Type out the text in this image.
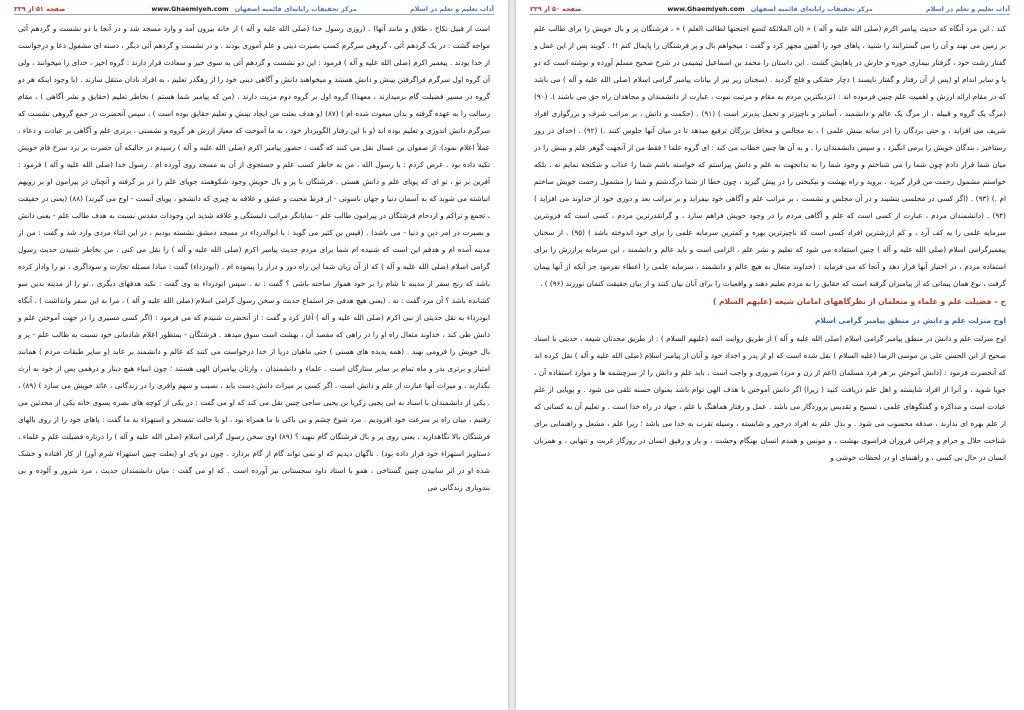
آداب تعليم و تعلم در اسلام
مرکز تحقیقات رایانه‌ای قائمیه اصفهان www.Ghaemiyeh.com
صفحه ۵۰ از ۲۲۹

کند . این مرد آنگاه که حدیث پیامبر اکرم (صلى الله عليه و آله ) « (ان الملائكة لتضع اجنحتها لطالب العلم ) » ، فرشتگان پر و بال خویش را برای طالب علم بر زمین می نهند و آن را می گسترانند را شنید ، پاهای خود را آهنین مجهز کرد و گفت : میخواهم بال و پر فرشتگان را پایمال کنم !! . گویند پس از این عمل و گفتار زشت خود ، گرفتار بیماری خوره و خارش در پاهایش گشت . این داستان را محمد بن اسماعیل تیمیمی در شرح صحیح مسلم آورده و نوشته است که دو پا و سایر اندام او (پس از آن رفتار و گفتار ناپسند ) دچار خشکی و فلج گردید . (سخنان زیر نیز از بیانات پیامبر گرامی اسلام (صلى الله عليه و آله ) می باشد که در مقام ارائه ارزش و اهمیت علم چنین فرموده اند : (نزدیکترین مردم به مقام و مرتبت نبوت ، عبارت از دانشمندان و مجاهدان راه حق می باشند ). (۹۰) (مرگ یک گروه و قبیله ، از مرگ یک عالم و دانشمند ، آسانتر و ناچیزتر و تحمل پذیرتر است ) (۹۱) . (حکمت و دانش ، بر مراتب شرف و بزرگواری افراد شریف می افزاید ، و حتی بردگان را (در سایه بینش علمی ) ، به مجالس و محافل بزرگان ترفیع میدهد تا در میان آنها جلوس کنند .) (۹۲) . (خدای در روز رستاخیز ، بندگان خویش را برمی انگیزد ، و سپس دانشمندان را . و به آن ها چنین خطاب می کند : ای گروه علما ! فقط من از آنجهت گوهر علم و بینش را در میان شما قرار دادم چون شما را می شناختم و وجود شما را به بدانجهت به علم و دانش پیراستم که خواسته باشم شما را عذاب و شکنجه نمایم نه ، بلکه خواستم مشمول رحمت من قرار گیرید . بروید و راه بهشت و نیکبختی را در پیش گیرید ، چون خطا از شما درگذشتم و شما را مشمول رحمت خویش ساختم ام .) (۹۳) . (اگر کسی در مجلسی بنشیند و در آن مجلس و نشست ، بر مراتب علم و آگاهی خود بیفزاید و بر مراتب بعد و دوری خود از خداوند می افزاید ) (۹۴) . (دانشمندان مردم ، عبارت از کسی است که علم و آگاهی مردم را در وجود خویش فراهم سازد ، و گرانقدرترین مردم ، کسی است که فزونترین سرمایه علمی را به کف آرد ، و کم ارزشترین افراد کسی است که ناچیزترین بهره و کمترین سرمایه علمی را برای خود اندوخته باشد ) (۹۵) . از سخنان پیغمبرگرامی اسلام (صلى الله عليه و آله ) چنین استفاده می شود که تعلیم و نشر علم ، الزامی است و باید عالم و دانشمند ، این سرمایه پرارزش را برای استفاده مردم ، در اختیار آنها قرار دهد و آنجا که می فرماید : (خداوند متعال به هیچ عالم و دانشمند ، سرمایه علمی را اعطاء نفرمود جز آنکه از آنها پیمان گرفت ، نوع همان پیمانی که از پیامبران گرفته است که حقایق را به مردم تعلیم دهند و واقعیات را برای آنان بیان کنند و از بیان حقیقت کتمان نورزند (۹۶) ) .

ج – فضیلت علم و علماء و متعلمان از نظرگاههای امامان شیعه (علیهم السلام )

اوج منزلت علم و دانش در منطق پیامبر گرامی اسلام

اوج منزلت علم و دانش در منطق پیامبر گرامی اسلام (صلى الله عليه و آله ) از طریق روایت ائمه (علیهم السلام ) : از طریق محدثان شیعه ، حدیثی با اسناد صحیح از ابن الحسن علی بن موسی الرضا (علیه السلام ) نقل شده است که او از پدر و اجداد خود و آنان از پیامبر اسلام (صلى الله عليه و آله ) نقل کرده اند که آنحضرت فرمود : (دانش آموختن بر هر فرد مسلمان (اعم از زن و مرد) ضروری و واجب است . باید علم و دانش را از سرچشمه ها و موارد استفاده آن ، جویا شوید ، و آنرا از افراد شایسته و اهل علم دریافت کنید ( زیرا) اگر دانش آموختن با هدف الهی توام باشد بعنوان حسنه تلقی می شود . و پویایی از علم عبادت است و مذاکره و گفتگوهای علمی ، تسبیح و تقدیس پروردگار می باشد . عمل و رفتار هماهنگ با علم ، جهاد در راه خدا است . و تعلیم آن به کسانی که از علم بهره ای ندارند ، صدقه محسوب می شود . و بذل علم به افراد درخور و شایسته ، وسیله تقرب به خدا می باشد ؛ زیرا علم ، مشعل و راهنمایی برای شناخت حلال و حرام و چراغی فروزان فراسوی بهشت ، و مونس و همدم انسان بهنگام وحشت ، و یار و رفیق انسان در روزگار غربت و تنهایی ، و همزبان انسان در حال بی کسی ، و راهنمای او در لحظات خوشی و

آداب تعليم و تعلم در اسلام
مرکز تحقیقات رایانه‌ای قائمیه اصفهان www.Ghaemiyeh.com
صفحه ۵۱ از ۲۲۹

است از قبیل نکاح ، طلاق و مانند آنها) . (روزی رسول خدا (صلى الله عليه و آله ) از خانه بیرون آمد و وارد مسجد شد و در آنجا با دو نشست و گردهم آئی مواجه گشت : در یک گردهم آئی ، گروهی سرگرم کسب بصیرت دینی و علم آموزی بودند . و در نشست و گردهم آئی دیگر ، دسته ای مشغول دعا و درخواست از خدا بودند . پیغمبر اکرم (صلى الله عليه و آله ) فرمود : این دو نشست و گردهم آئی به سوی خیر و سعادت قرار دارند : گروه اخیر ، خدای را میخوانند ، ولی آن گروه اول سرگرم فراگرفتن بینش و دانش هستند و میخواهند دانش و آگاهی دینی خود را از رهگذر تعلیم ، به افراد نادان منتقل سازند . (با وجود اینکه هر دو گروه در مسیر فضیلت گام برمیدارند ، معهذا) گروه اول بر گروه دوم مزیت دارند . (من که پیامبر شما هستم ) بخاطر تعلیم (حقایق و نشر آگاهی ) ، مقام رسالت را به عهده گرفته و بدان مبعوث شده ام ) (۸۷) (و هدف بعثت من ایجاد بینش و تعلیم حقایق بوده است ) ، سپس آنحضرت در جمع گروهی نشست که سرگرم دانش اندوزی و تعلیم بوده اند (و با این رفتار الگوپرداز خود ، به ما آموخت که معیار ارزش هر گروه و نشستی ، برتری علم و آگاهی بر عبادت و دعاء ، عملاً اعلام نمود). از صفوان بن عسال نقل می کنند که گفت : حضور پیامبر اکرم (صلى الله عليه و آله ) رسیدم در حالیکه آن حضرت بر برد سرخ فام خویش تکیه داده بود . عرض کردم : یا رسول الله ، من به خاطر کسب علم و جستجوی از آن به مسجد روی آورده ام . رسول خدا (صلى الله عليه و آله ) فرمود : آفرین بر تو ، تو ای که پویای علم و دانش هستی . فرشتگان با پر و بال خویش وجود شکوهمند جویای علم را در بر گرفته و آنچنان در پیرامون او بر رویهم انباشته می شوند که به آسمان دنیا و جهان ناسوتی - از فرط محبت و عشق و علاقه به چیزی که دانشجو ، پویای آنست - اوج می گیرند) (۸۸) (یعنی در حقیقت ، تجمع و تراکم و ازدحام فرشتگان در پیرامون طالب علم - نمایانگر مراتب دلبستگی و علاقه شدید این وجودات مقدس نسبت به هدف طالب علم - یعنی دانش و بصیرت در امر دین و دنیا - می باشد) . (قیس بن کثیر می گوید : با ابوالدرداء در مسجد دمشق نشسته بودیم ، در این اثناء مردی وارد شد و گفت : من از مدینه آمده ام و هدفم این است که شنیده ام شما برای مردم حدیث پیامبر اکرم (صلى الله عليه و آله ) را نقل می کنی . من بخاطر شنیدن حدیث رسول گرامی اسلام (صلى الله عليه و آله ) که از آن زبان شما این راه دور و دراز را پیموده ام . (ابودرداء) گفت : مبادا مسئله تجارت و سوداگری ، تو را وادار کرده باشد که رنج سفر از مدینه تا شام را بر خود هموار ساخته باشی ؟ گفت : نه . سپس ابودرداء به وی گفت : نکند هدفهای دیگری ، تو را از مدینه بدین سو کشانده باشد ؟ آن مرد گفت : نه . (یعنی هیچ هدفی جز استماع حدیث و سخن رسول گرامی اسلام (صلى الله عليه و آله ) ، مرا به این سفر وانداشت ) . آنگاه ابودرداء به نقل حدیثی از نبی اکرم (صلى الله عليه و آله ) آغاز کرد و گفت : از آنحضرت شنیدم که می فرمود : (اگر کسی مسیری را در جهت آموختن علم و دانش طی کند ، خداوند متعال راه او را در راهی که مقصد آن ، بهشت است سوق میدهد . فرشتگان - بمنظور اعلام شادمانی خود نسبت به طالب علم - پر و بال خویش را فرومی نهند . (همه پدیده های هستی ) حتی ماهیان دریا از خدا درخواست می کنند که عالم و دانشمند بر عابد (و سایر طبقات مردم ) همانند امتیاز و برتری بدر و ماه تمام بر سایر ستارگان است . علماء و دانشمندان ، وارثان پیامبران الهی هستند ؛ چون انبیاء هیچ دینار و درهمی پس از خود به ارث نگذارند ، و میراث آنها عبارت از علم و دانش است . اگر کسی بر میراث دانش دست یابد ، نصیب و سهم وافری را در زندگانی ، عائد خویش می سازد ) (۸۹) ، . یکی از دانشمندان با اسناد به ابی یحیی زکریا بن یحیی ساجی چنین نقل می کند که او می گفت : در یکی از کوچه های بصره بسوی خانه یکی از محدثین می رفتیم ، میان راه بر سرعت خود افزودیم . مرد شوخ چشم و بی باکی با ما همراه بود ، او با حالت تمسخر و استهزاء به ما گفت : پاهای خود را از روی بالهای فرشتگان بالا نگاهدارید ، یعنی روی پر و بال فرشتگان گام ننهید ؟ (۸۹) اوی سخن رسول گرامی اسلام (صلى الله عليه و آله ) را درباره فضیلت علم و علماء ، دستاویز استهزاء خود قرار داده بود) . ناگهان دیدیم که او نمی تواند گام از گام بردارد . چون دو پای او (بعلت چنین استهزاء شرم آور) از کار افتاده و خشک شده او در اثر ساییدن چنین گستاخی ، همو با استاد داود سجستانی نیز آورده است . که او می گفت : میان دانشمندان حدیث ، مرد شرور و آلوده و بی بندوباری زندگانی می
